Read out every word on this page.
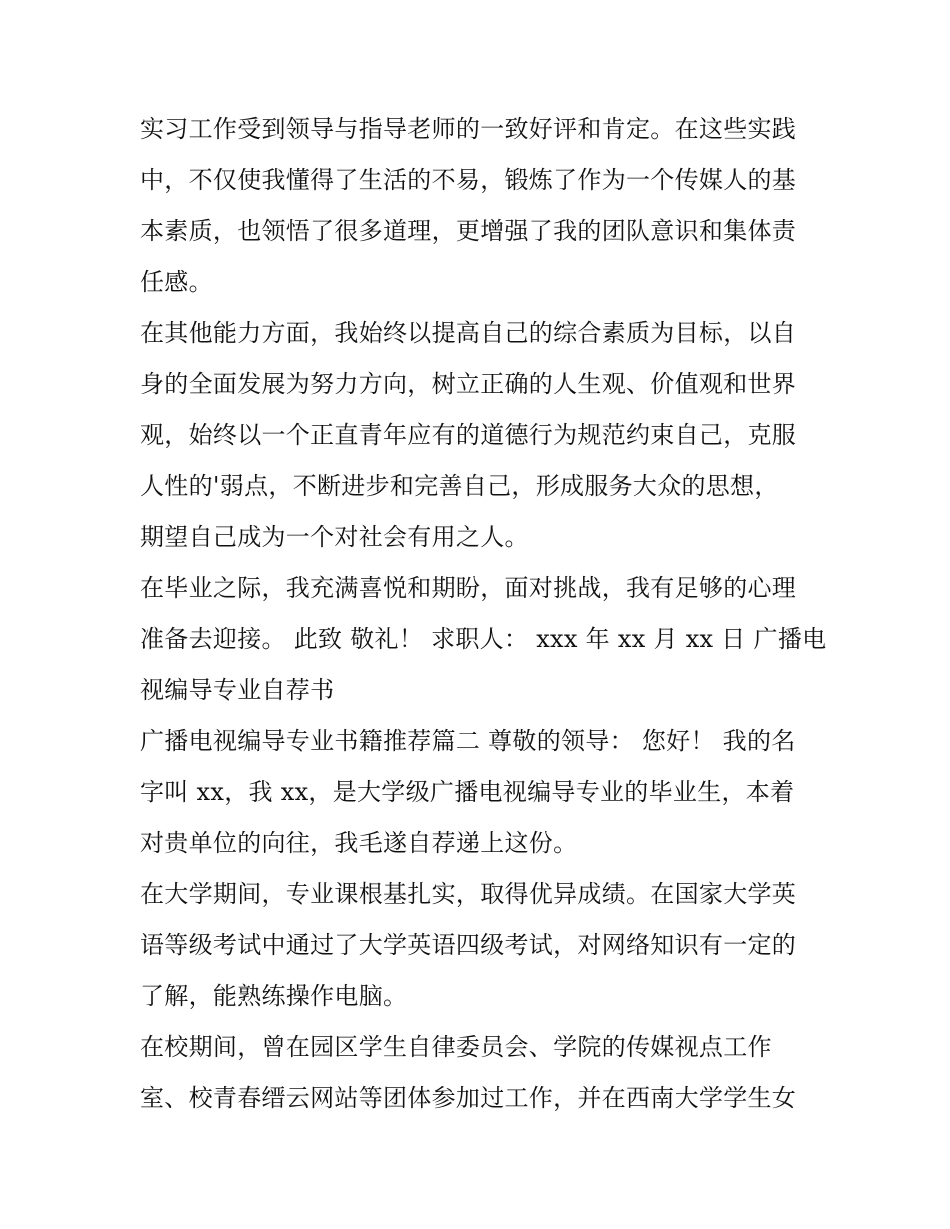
实习工作受到领导与指导老师的一致好评和肯定。在这些实践
中，不仅使我懂得了生活的不易，锻炼了作为一个传媒人的基
本素质，也领悟了很多道理，更增强了我的团队意识和集体责
任感。
在其他能力方面，我始终以提高自己的综合素质为目标，以自
身的全面发展为努力方向，树立正确的人生观、价值观和世界
观，始终以一个正直青年应有的道德行为规范约束自己，克服
人性的'弱点，不断进步和完善自己，形成服务大众的思想，
期望自己成为一个对社会有用之人。
在毕业之际，我充满喜悦和期盼，面对挑战，我有足够的心理
准备去迎接。 此致 敬礼！ 求职人： xxx 年 xx 月 xx 日 广播电
视编导专业自荐书
广播电视编导专业书籍推荐篇二 尊敬的领导： 您好！ 我的名
字叫 xx，我 xx，是大学级广播电视编导专业的毕业生，本着
对贵单位的向往，我毛遂自荐递上这份。
在大学期间，专业课根基扎实，取得优异成绩。在国家大学英
语等级考试中通过了大学英语四级考试，对网络知识有一定的
了解，能熟练操作电脑。
在校期间，曾在园区学生自律委员会、学院的传媒视点工作
室、校青春缙云网站等团体参加过工作，并在西南大学学生女
